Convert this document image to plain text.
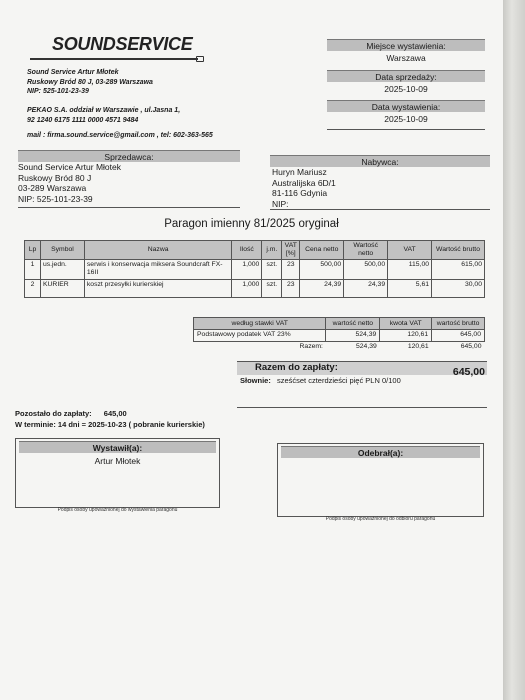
SOUNDSERVICE
Sound Service Artur Młotek
Ruskowy Bród 80 J, 03-289 Warszawa
NIP: 525-101-23-39
PEKAO S.A. oddział w Warszawie , ul.Jasna 1,
92 1240 6175 1111 0000 4571 9484
mail : firma.sound.service@gmail.com , tel: 602-363-565
Miejsce wystawienia:
Warszawa
Data sprzedaży:
2025-10-09
Data wystawienia:
2025-10-09
Sprzedawca:
Sound Service Artur Młotek
Ruskowy Bród 80 J
03-289 Warszawa
NIP: 525-101-23-39
Nabywca:
Huryn Mariusz
Australijska 6D/1
81-116 Gdynia
NIP:
Paragon imienny 81/2025 oryginał
Lp	Symbol	Nazwa	Ilość	j.m.	VAT [%]	Cena netto	Wartość netto	VAT	Wartość brutto
1	us.jedn.	serwis i konserwacja miksera Soundcraft FX-16II	1,000	szt.	23	500,00	500,00	115,00	615,00
2	KURIER	koszt przesyłki kurierskiej	1,000	szt.	23	24,39	24,39	5,61	30,00
według stawki VAT	wartość netto	kwota VAT	wartość brutto
Podstawowy podatek VAT 23%	524,39	120,61	645,00
Razem:	524,39	120,61	645,00
Razem do zapłaty:	645,00
Słownie: sześćset czterdzieści pięć PLN 0/100
Pozostało do zapłaty: 645,00
W terminie: 14 dni = 2025-10-23 ( pobranie kurierskie)
Wystawił(a):
Artur Młotek
Podpis osoby upoważnionej do wystawienia paragonu
Odebrał(a):
Podpis osoby upoważnionej do odbioru paragonu
